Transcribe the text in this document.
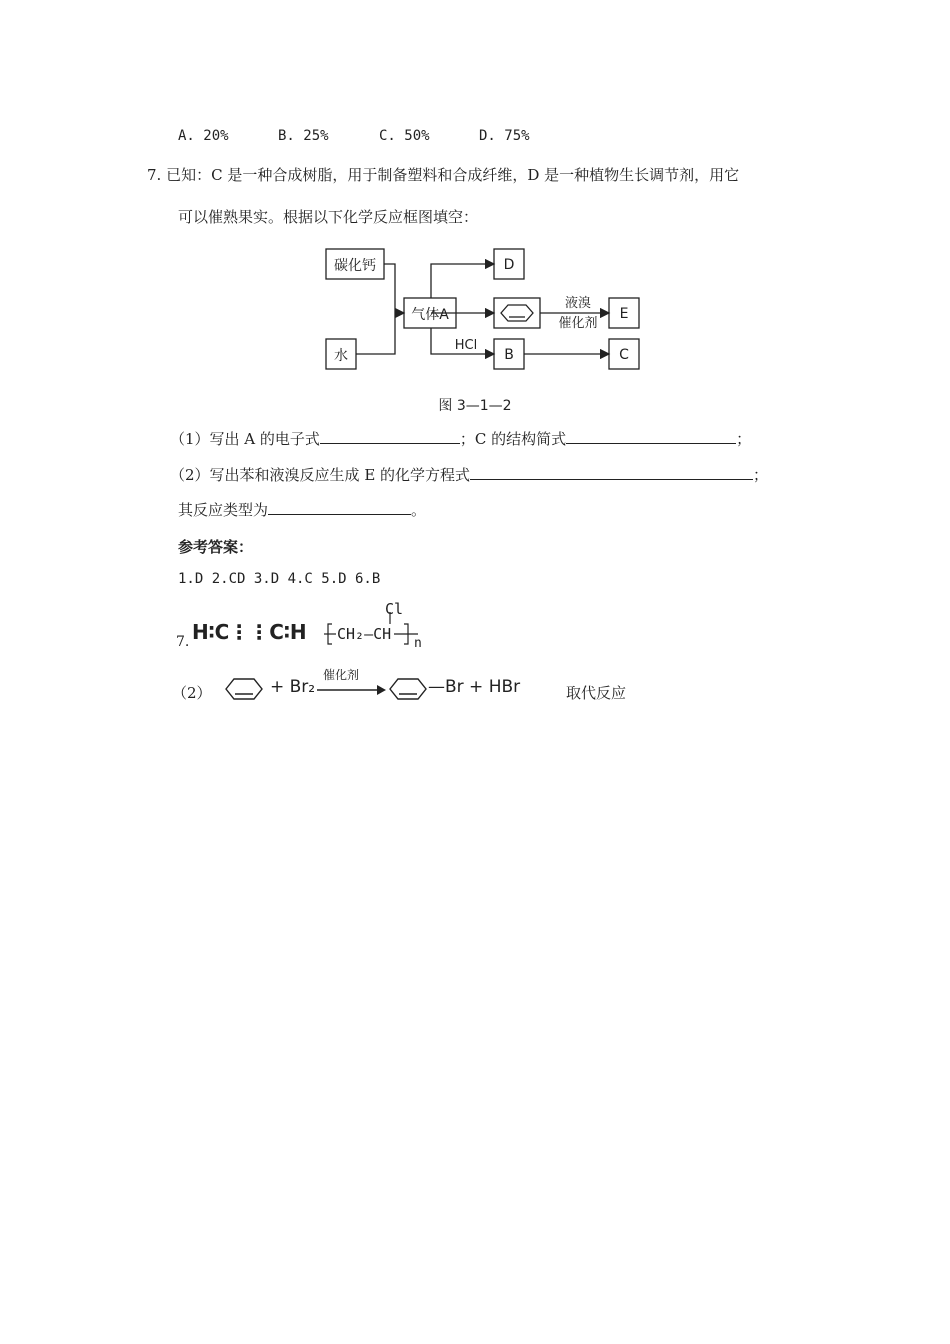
A. 20%	B. 25%	C. 50%	D. 75%
7. 已知：C 是一种合成树脂，用于制备塑料和合成纤维，D 是一种植物生长调节剂，用它
可以催熟果实。根据以下化学反应框图填空：
碳化钙
水
气体A
D
E
B	C
液溴
催化剂
HCl
图 3—1—2
（1）写出 A 的电子式	；C 的结构简式	；
（2）写出苯和液溴反应生成 E 的化学方程式	；
其反应类型为	。
参考答案：
1.D 2.CD 3.D 4.C 5.D 6.B
7. H∶C⋮⋮C∶H
Cl
CH₂—CH
n
（2）	+ Br₂
催化剂
—Br + HBr	取代反应
